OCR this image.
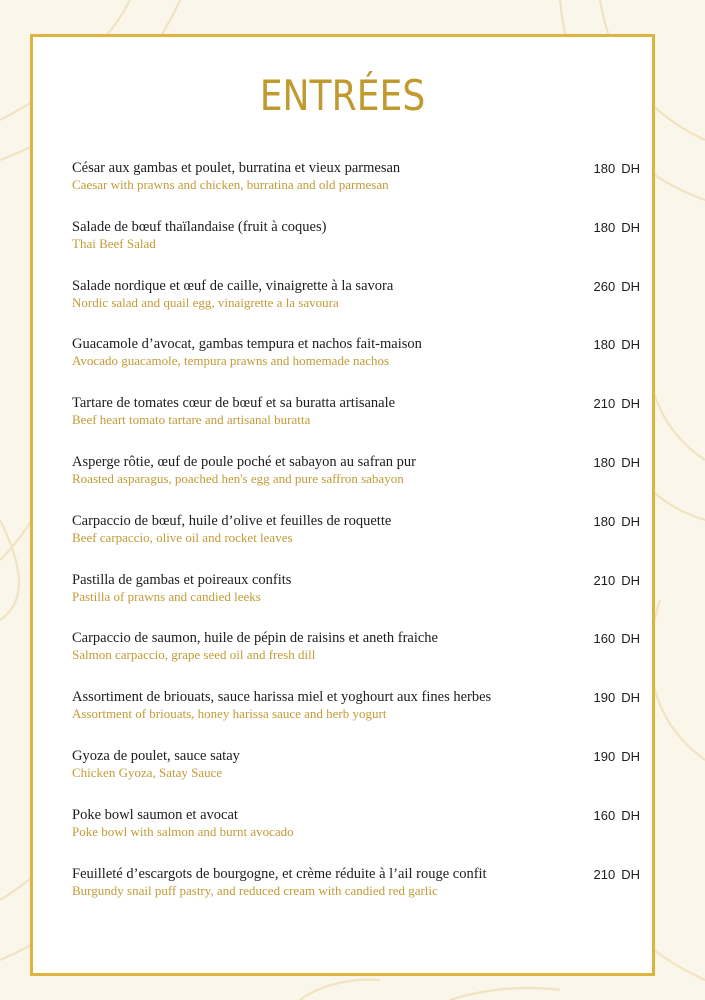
ENTRÉES
César aux gambas et poulet, burratina et vieux parmesan
Caesar with prawns and chicken, burratina and old parmesan
180 DH
Salade de bœuf thaïlandaise (fruit à coques)
Thai Beef Salad
180 DH
Salade nordique et œuf de caille, vinaigrette à la savora
Nordic salad and quail egg, vinaigrette a la savoura
260 DH
Guacamole d’avocat, gambas tempura et nachos fait-maison
Avocado guacamole, tempura prawns and homemade nachos
180 DH
Tartare de tomates cœur de bœuf et sa buratta artisanale
Beef heart tomato tartare and artisanal buratta
210 DH
Asperge rôtie, œuf de poule poché et sabayon au safran pur
Roasted asparagus, poached hen's egg and pure saffron sabayon
180 DH
Carpaccio de bœuf, huile d’olive et feuilles de roquette
Beef carpaccio, olive oil and rocket leaves
180 DH
Pastilla de gambas et poireaux confits
Pastilla of prawns and candied leeks
210 DH
Carpaccio de saumon, huile de pépin de raisins et aneth fraiche
Salmon carpaccio, grape seed oil and fresh dill
160 DH
Assortiment de briouats, sauce harissa miel et yoghourt aux fines herbes
Assortment of briouats, honey harissa sauce and herb yogurt
190 DH
Gyoza de poulet, sauce satay
Chicken Gyoza, Satay Sauce
190 DH
Poke bowl saumon et avocat
Poke bowl with salmon and burnt avocado
160 DH
Feuilleté d’escargots de bourgogne, et crème réduite à l’ail rouge confit
Burgundy snail puff pastry, and reduced cream with candied red garlic
210 DH
